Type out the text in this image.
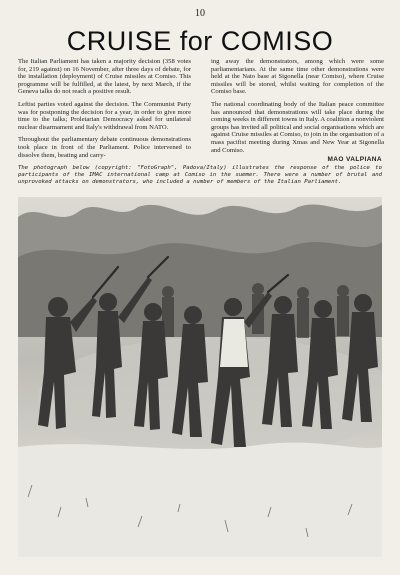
10
CRUISE for COMISO

The Italian Parliament has taken a majority decision (358 votes for, 219 against) on 16 November, after three days of debate, for the installation (deployment) of Cruise missiles at Comiso. This programme will be fulfilled, at the latest, by next March, if the Geneva talks do not reach a positive result.

Leftist parties voted against the decision. The Communist Party was for postponing the decision for a year, in order to give more time to the talks; Proletarian Democracy asked for unilateral nuclear disarmament and Italy's withdrawal from NATO.

Throughout the parliamentary debate continuous demonstrations took place in front of the Parliament. Police intervened to dissolve them, beating and carry-

ing away the demonstrators, among which were some parliamentarians. At the same time other demonstrations were held at the Nato base at Sigonella (near Comiso), where Cruise missiles will be stored, whilst waiting for completion of the Comiso base.

The national coordinating body of the Italian peace committee has announced that demonstrations will take place during the coming weeks in different towns in Italy. A coalition a nonviolent groups has invited all political and social organisations which are against Cruise missiles at Comiso, to join in the organisation of a mass pacifist meeting during Xmas and New Year at Sigonella and Comiso.

MAO VALPIANA
The photograph below (copyright: "FotoGraph", Padova/Italy) illustrates the response of the police to participants of the IMAC international camp at Comiso in the summer. There were a number of brutal and unprovoked attacks on demonstrators, who included a number of members of the Italian Parliament.
